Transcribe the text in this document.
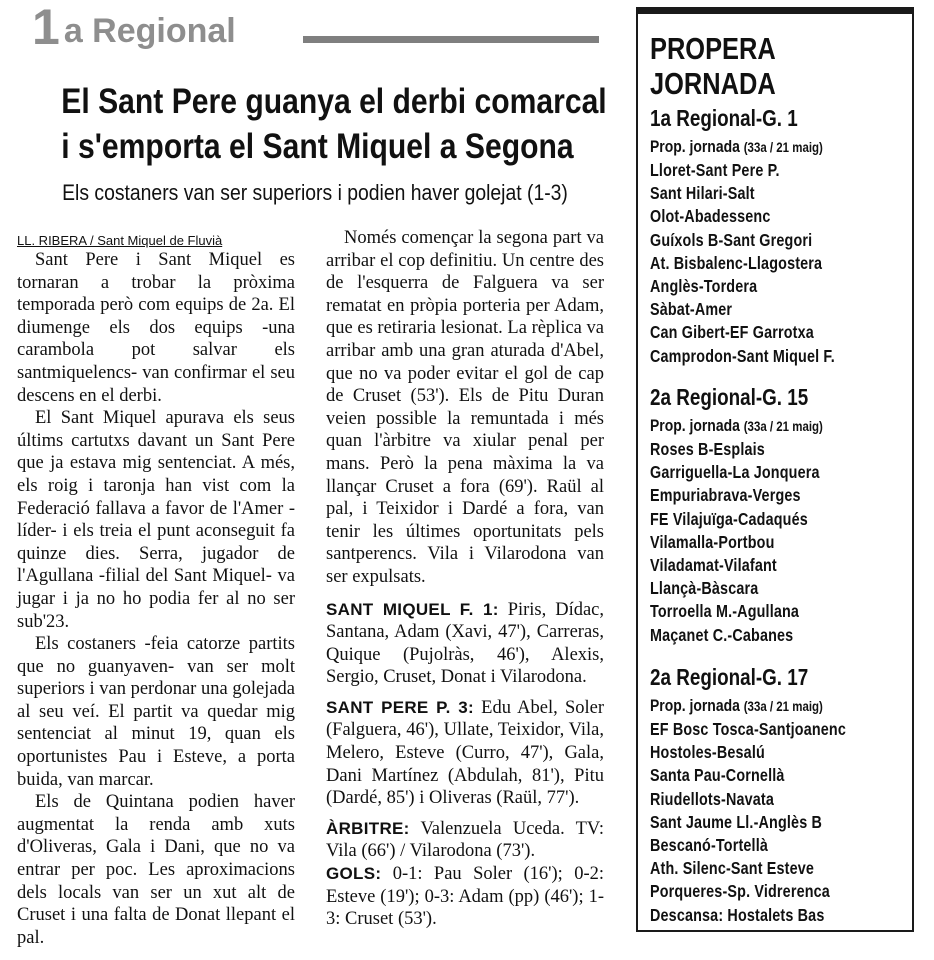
1 a Regional
El Sant Pere guanya el derbi comarcal
i s'emporta el Sant Miquel a Segona
Els costaners van ser superiors i podien haver golejat (1-3)
LL. RIBERA / Sant Miquel de Fluvià

Sant Pere i Sant Miquel es tornaran a trobar la pròxima temporada però com equips de 2a. El diumenge els dos equips -una carambola pot salvar els santmiquelencs- van confirmar el seu descens en el derbi.

El Sant Miquel apurava els seus últims cartutxs davant un Sant Pere que ja estava mig sentenciat. A més, els roig i taronja han vist com la Federació fallava a favor de l'Amer -líder- i els treia el punt aconseguit fa quinze dies. Serra, jugador de l'Agullana -filial del Sant Miquel- va jugar i ja no ho podia fer al no ser sub'23.

Els costaners -feia catorze partits que no guanyaven- van ser molt superiors i van perdonar una golejada al seu veí. El partit va quedar mig sentenciat al minut 19, quan els oportunistes Pau i Esteve, a porta buida, van marcar.

Els de Quintana podien haver augmentat la renda amb xuts d'Oliveras, Gala i Dani, que no va entrar per poc. Les aproximacions dels locals van ser un xut alt de Cruset i una falta de Donat llepant el pal.

Només començar la segona part va arribar el cop definitiu. Un centre des de l'esquerra de Falguera va ser rematat en pròpia porteria per Adam, que es retiraria lesionat. La rèplica va arribar amb una gran aturada d'Abel, que no va poder evitar el gol de cap de Cruset (53'). Els de Pitu Duran veien possible la remuntada i més quan l'àrbitre va xiular penal per mans. Però la pena màxima la va llançar Cruset a fora (69'). Raül al pal, i Teixidor i Dardé a fora, van tenir les últimes oportunitats pels santperencs. Vila i Vilarodona van ser expulsats.

SANT MIQUEL F. 1: Piris, Dídac, Santana, Adam (Xavi, 47'), Carreras, Quique (Pujolràs, 46'), Alexis, Sergio, Cruset, Donat i Vilarodona.

SANT PERE P. 3: Edu Abel, Soler (Falguera, 46'), Ullate, Teixidor, Vila, Melero, Esteve (Curro, 47'), Gala, Dani Martínez (Abdulah, 81'), Pitu (Dardé, 85') i Oliveras (Raül, 77').

ÀRBITRE: Valenzuela Uceda. TV: Vila (66') / Vilarodona (73').

GOLS: 0-1: Pau Soler (16'); 0-2: Esteve (19'); 0-3: Adam (pp) (46'); 1-3: Cruset (53').

PROPERA
JORNADA
1a Regional-G. 1
Prop. jornada (33a / 21 maig)
Lloret-Sant Pere P.
Sant Hilari-Salt
Olot-Abadessenc
Guíxols B-Sant Gregori
At. Bisbalenc-Llagostera
Anglès-Tordera
Sàbat-Amer
Can Gibert-EF Garrotxa
Camprodon-Sant Miquel F.
2a Regional-G. 15
Prop. jornada (33a / 21 maig)
Roses B-Esplais
Garriguella-La Jonquera
Empuriabrava-Verges
FE Vilajuïga-Cadaqués
Vilamalla-Portbou
Viladamat-Vilafant
Llançà-Bàscara
Torroella M.-Agullana
Maçanet C.-Cabanes
2a Regional-G. 17
Prop. jornada (33a / 21 maig)
EF Bosc Tosca-Santjoanenc
Hostoles-Besalú
Santa Pau-Cornellà
Riudellots-Navata
Sant Jaume Ll.-Anglès B
Bescanó-Tortellà
Ath. Silenc-Sant Esteve
Porqueres-Sp. Vidrerenca
Descansa: Hostalets Bas
